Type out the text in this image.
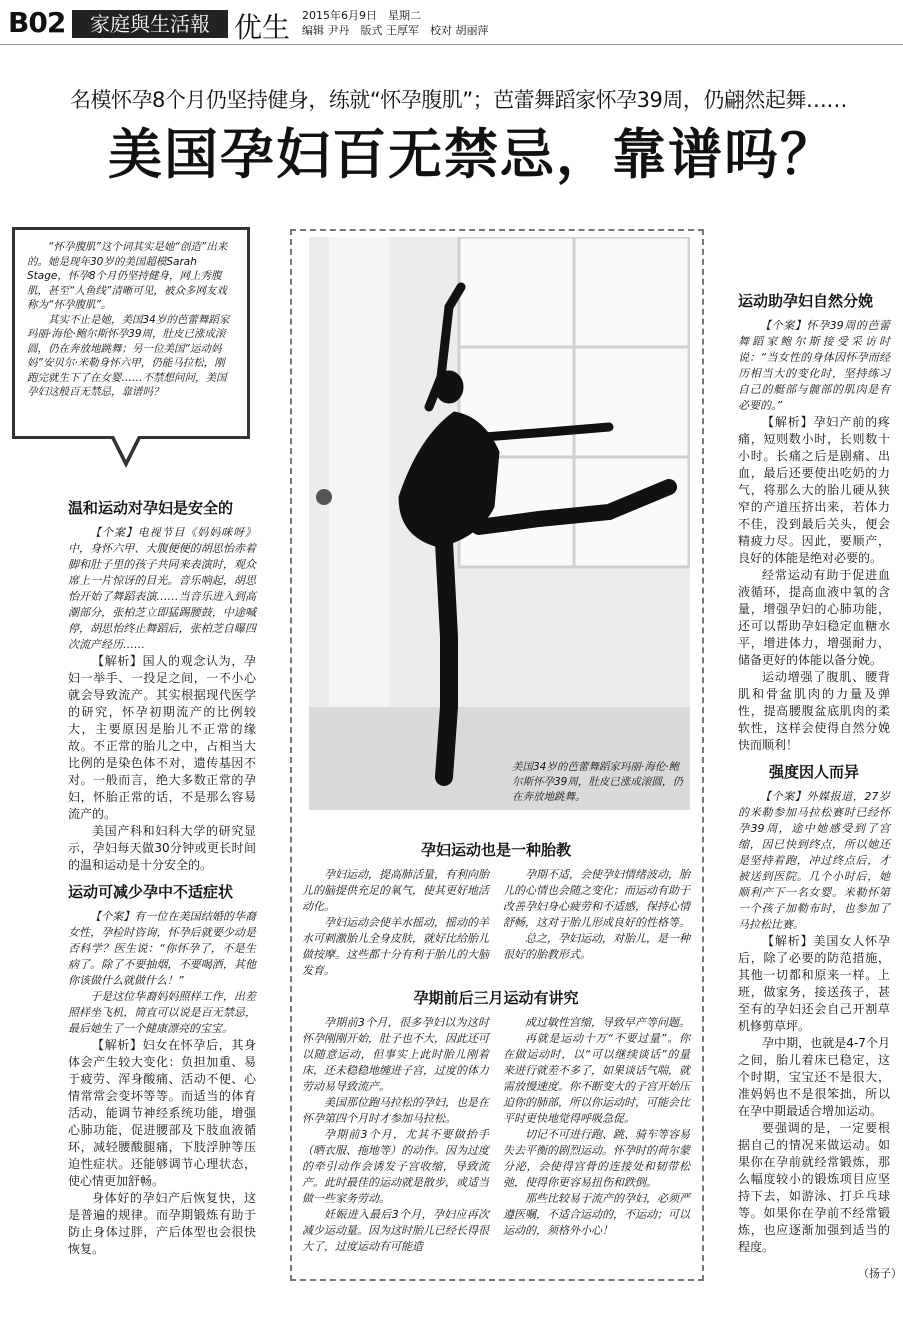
B02	家庭與生活報 优生 2015年6月9日　星期二
编辑 尹丹　版式 王厚军　校对 胡丽萍
名模怀孕8个月仍坚持健身，练就“怀孕腹肌”；芭蕾舞蹈家怀孕39周，仍翩然起舞……
美国孕妇百无禁忌，靠谱吗？

“怀孕腹肌”这个词其实是她“创造”出来的。她是现年30岁的美国超模Sarah Stage，怀孕8个月仍坚持健身，网上秀腹肌，甚至“人鱼线”清晰可见，被众多网友戏称为“怀孕腹肌”。

其实不止是她，美国34岁的芭蕾舞蹈家玛丽·海伦·鲍尔斯怀孕39周，肚皮已涨成滚圆，仍在奔放地跳舞；另一位美国“运动妈妈”安贝尔·米勒身怀六甲，仍能马拉松，刚跑完就生下了在女婴……不禁想问问，美国孕妇这般百无禁忌，靠谱吗？

温和运动对孕妇是安全的

【个案】电视节目《妈妈咪呀》中，身怀六甲、大腹便便的胡思怡赤着脚和肚子里的孩子共同来表演时，观众席上一片惊讶的目光。音乐响起，胡思怡开始了舞蹈表演……当音乐进入到高潮部分，张柏芝立即猛踢腰鼓，中途喊停，胡思怡终止舞蹈后，张柏芝自曝四次流产经历……

【解析】国人的观念认为，孕妇一举手、一投足之间，一不小心就会导致流产。其实根据现代医学的研究，怀孕初期流产的比例较大，主要原因是胎儿不正常的缘故。不正常的胎儿之中，占相当大比例的是染色体不对，遗传基因不对。一般而言，绝大多数正常的孕妇，怀胎正常的话，不是那么容易流产的。

美国产科和妇科大学的研究显示，孕妇每天做30分钟或更长时间的温和运动是十分安全的。

运动可减少孕中不适症状

【个案】有一位在美国结婚的华裔女性，孕检时咨询，怀孕后就要少动是否科学？医生说：“你怀孕了，不是生病了。除了不要抽烟，不要喝酒，其他你该做什么就做什么！”

于是这位华裔妈妈照样工作，出差照样坐飞机，简直可以说是百无禁忌，最后她生了一个健康漂亮的宝宝。

【解析】妇女在怀孕后，其身体会产生较大变化：负担加重、易于疲劳、浑身酸痛、活动不便、心情常常会变坏等等。而适当的体育活动，能调节神经系统功能，增强心肺功能，促进腰部及下肢血液循环，减轻腰酸腿痛，下肢浮肿等压迫性症状。还能够调节心理状态，使心情更加舒畅。

身体好的孕妇产后恢复快，这是普遍的规律。而孕期锻炼有助于防止身体过胖，产后体型也会很快恢复。

美国34岁的芭蕾舞蹈家玛丽·海伦·鲍尔斯怀孕39周，肚皮已涨成滚圆，仍在奔放地跳舞。
孕妇运动也是一种胎教

孕妇运动，提高肺活量，有利向胎儿的脑提供充足的氧气，使其更好地活动化。

孕妇运动会使羊水摇动，摇动的羊水可刺激胎儿全身皮肤，就好比给胎儿做按摩。这些都十分有利于胎儿的大脑发育。

孕期不适，会使孕妇情绪波动，胎儿的心情也会随之变化；而运动有助于改善孕妇身心疲劳和不适感，保持心情舒畅，这对于胎儿形成良好的性格等。

总之，孕妇运动，对胎儿，是一种很好的胎教形式。

孕期前后三月运动有讲究

孕期前3个月，很多孕妇以为这时怀孕刚刚开始，肚子也不大，因此还可以随意运动，但事实上此时胎儿刚着床，还未稳稳地缠进子宫，过度的体力劳动易导致流产。

美国那位跑马拉松的孕妇，也是在怀孕第四个月时才参加马拉松。

孕期前3个月，尤其不要做抬手（晒衣服、拖地等）的动作。因为过度的牵引动作会诱发子宫收缩，导致流产。此时最佳的运动就是散步，或适当做一些家务劳动。

妊娠进入最后3个月，孕妇应再次减少运动量。因为这时胎儿已经长得很大了，过度运动有可能造

成过敏性宫缩，导致早产等问题。

再就是运动十万“不要过量”。你在做运动时，以“可以继续谈话”的量来进行就差不多了，如果谈话气喘，就需放慢速度。你不断变大的子宫开始压迫你的肺部，所以你运动时，可能会比平时更快地觉得呼吸急促。

切记不可进行跑、跳、骑车等容易失去平衡的剧烈运动。怀孕时的荷尔蒙分泌，会使得宫骨的连接处和韧带松弛，使得你更容易扭伤和跌倒。

那些比较易于流产的孕妇，必须严遵医嘱，不适合运动的，不运动；可以运动的，须格外小心！

运动助孕妇自然分娩

【个案】怀孕39周的芭蕾舞蹈家鲍尔斯接受采访时说：“当女性的身体因怀孕而经历相当大的变化时，坚持练习自己的艇部与髋部的肌肉是有必要的。”

【解析】孕妇产前的疼痛，短则数小时，长则数十小时。长痛之后是剧痛、出血，最后还要使出吃奶的力气，将那么大的胎儿硬从狭窄的产道压挤出来，若体力不佳，没到最后关头，便会精疲力尽。因此，要顺产，良好的体能是绝对必要的。

经常运动有助于促进血液循环，提高血液中氧的含量，增强孕妇的心肺功能，还可以帮助孕妇稳定血糖水平，增进体力，增强耐力，储备更好的体能以备分娩。

运动增强了腹肌、腰背肌和骨盆肌肉的力量及弹性，提高腰腹盆底肌肉的柔软性，这样会使得自然分娩快而顺利！

强度因人而异

【个案】外媒报道，27岁的米勒参加马拉松赛时已经怀孕39周，途中她感受到了宫缩，因已快到终点，所以她还是坚持着跑，冲过终点后，才被送到医院。几个小时后，她顺利产下一名女婴。米勒怀第一个孩子加勒布时，也参加了马拉松比赛。

【解析】美国女人怀孕后，除了必要的防范措施，其他一切都和原来一样。上班，做家务，接送孩子，甚至有的孕妇还会自己开割草机修剪草坪。

孕中期，也就是4-7个月之间，胎儿着床已稳定，这个时期，宝宝还不是很大，准妈妈也不是很笨拙，所以在孕中期最适合增加运动。

要强调的是，一定要根据自己的情况来做运动。如果你在孕前就经常锻炼，那么幅度较小的锻炼项目应坚持下去，如游泳、打乒乓球等。如果你在孕前不经常锻炼，也应逐渐加强到适当的程度。

（扬子）
